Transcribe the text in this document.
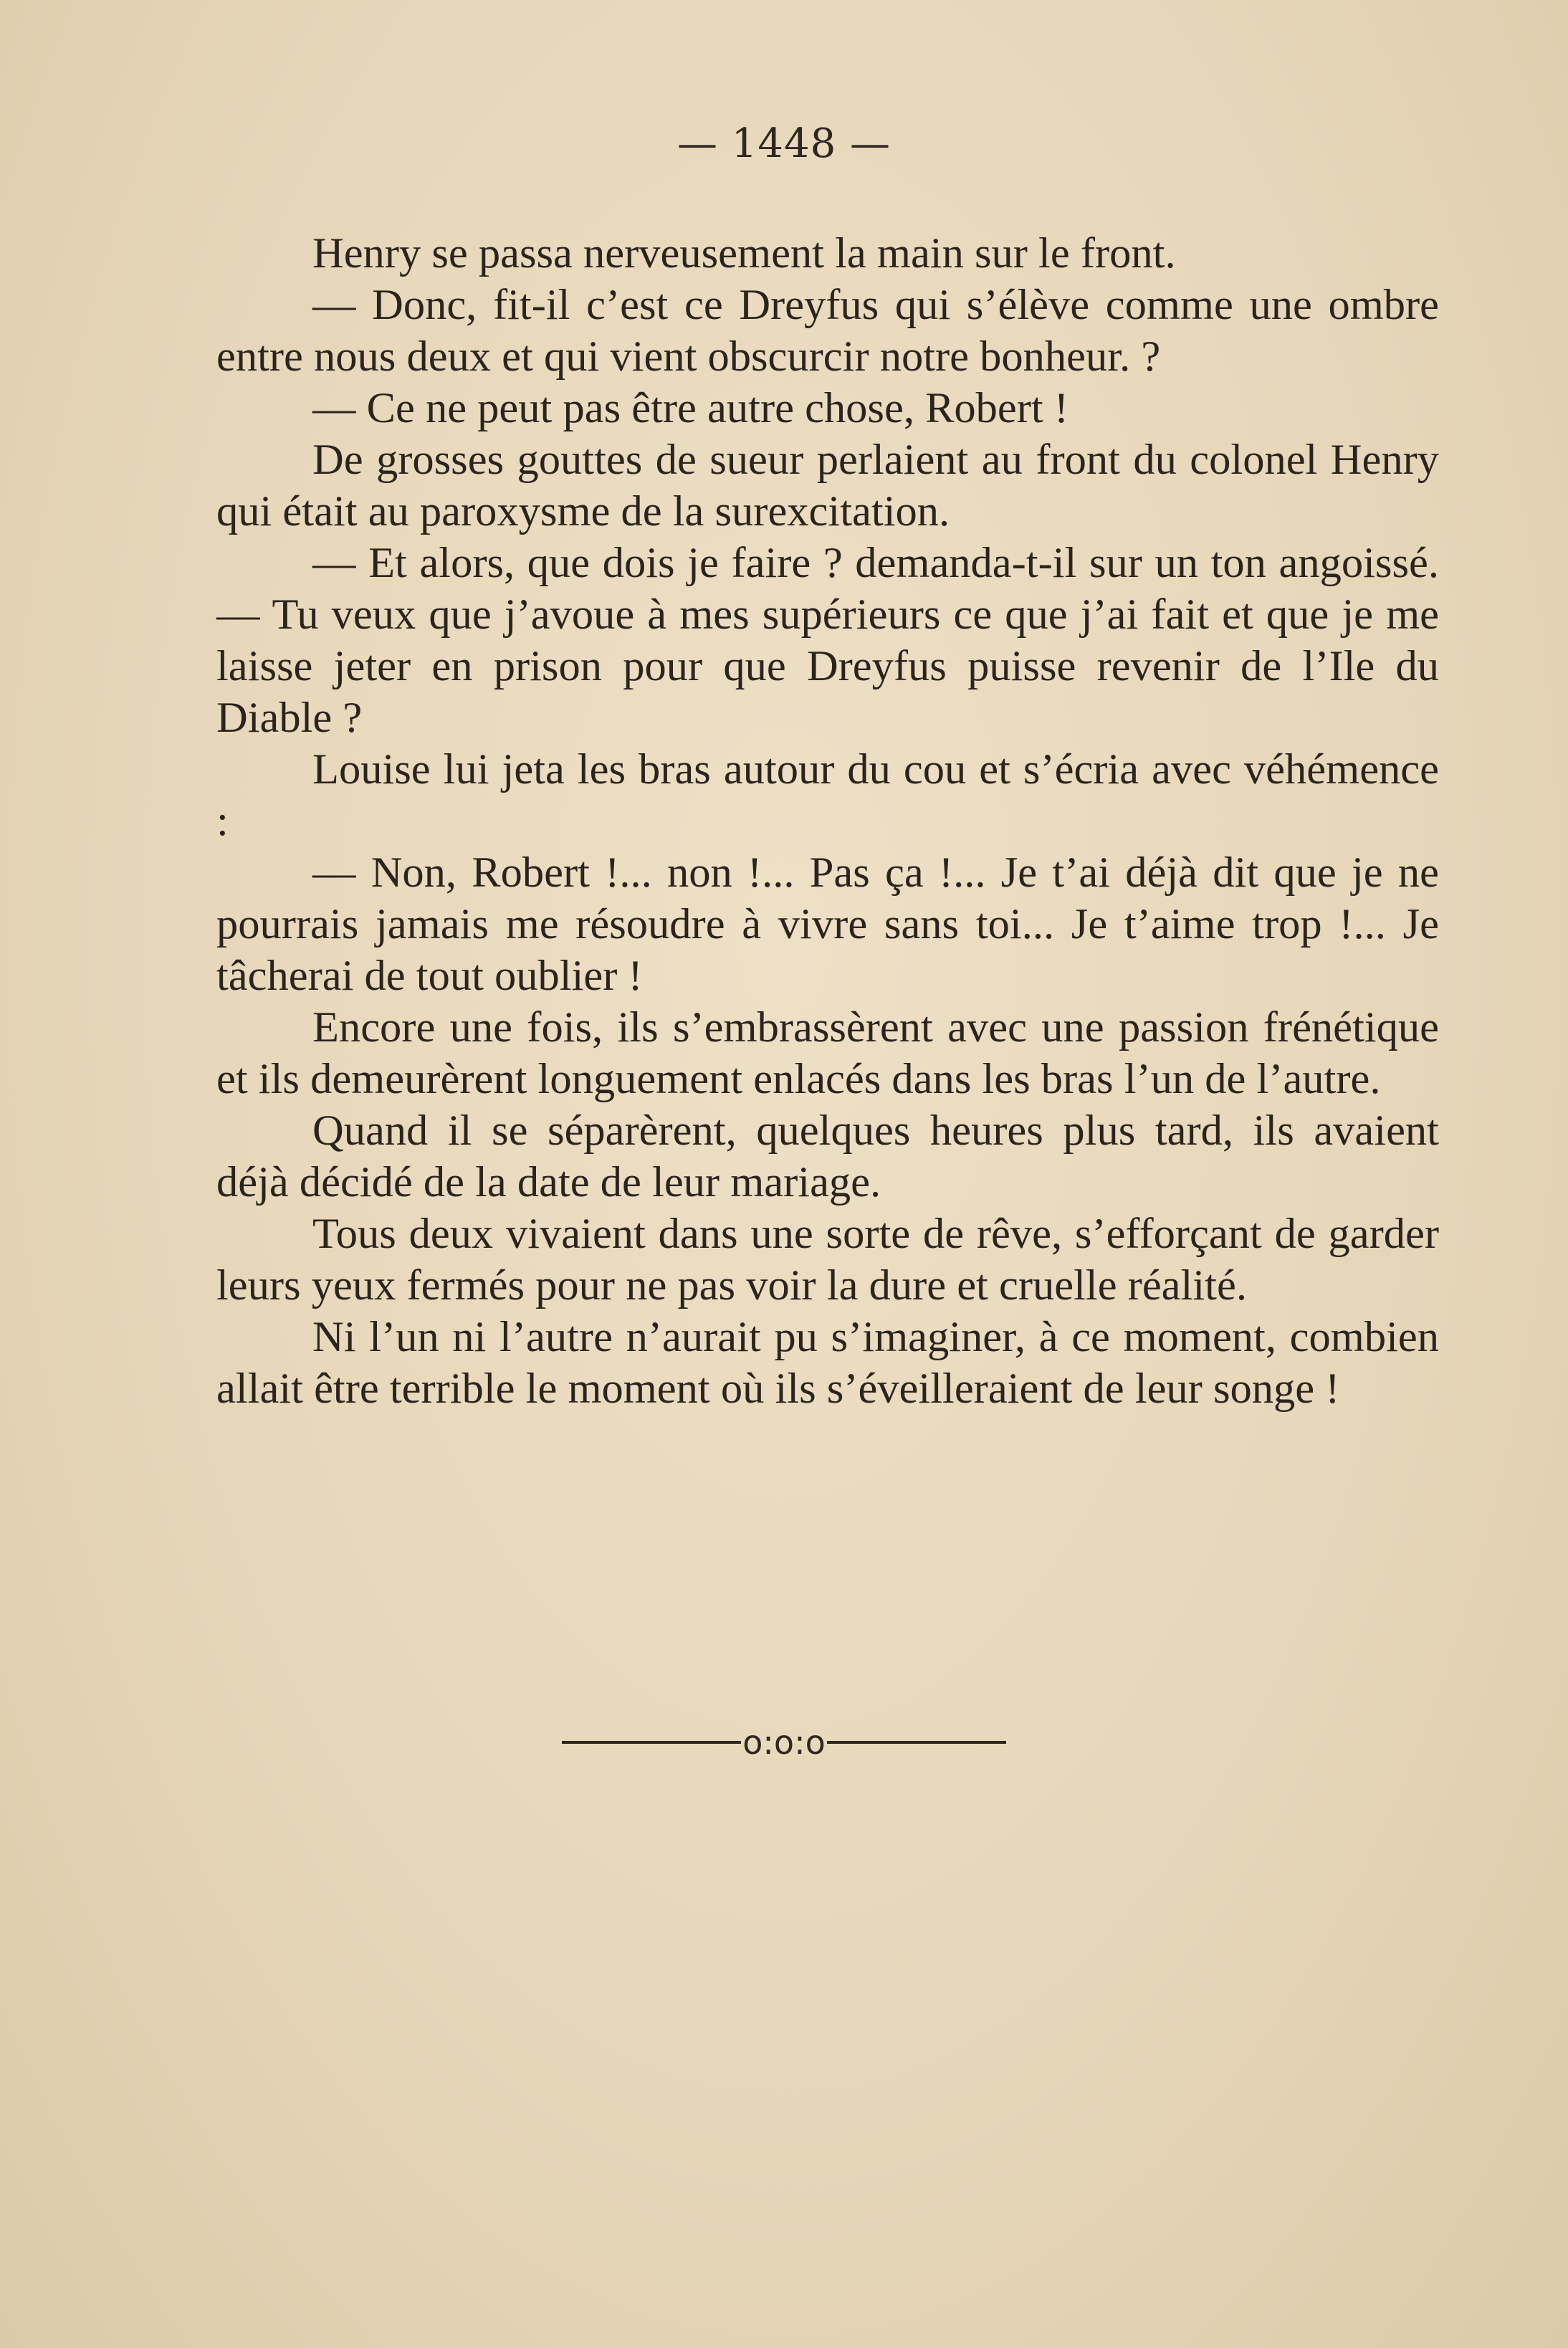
— 1448 —

Henry se passa nerveusement la main sur le front.

— Donc, fit-il c’est ce Dreyfus qui s’élève comme une ombre entre nous deux et qui vient obscurcir notre bonheur. ?

— Ce ne peut pas être autre chose, Robert !

De grosses gouttes de sueur perlaient au front du colonel Henry qui était au paroxysme de la surexcitation.

— Et alors, que dois je faire ? demanda-t-il sur un ton angoissé. — Tu veux que j’avoue à mes supérieurs ce que j’ai fait et que je me laisse jeter en prison pour que Dreyfus puisse revenir de l’Ile du Diable ?

Louise lui jeta les bras autour du cou et s’écria avec véhémence :

— Non, Robert !... non !... Pas ça !... Je t’ai déjà dit que je ne pourrais jamais me résoudre à vivre sans toi... Je t’aime trop !... Je tâcherai de tout oublier !

Encore une fois, ils s’embrassèrent avec une passion frénétique et ils demeurèrent longuement enlacés dans les bras l’un de l’autre.

Quand il se séparèrent, quelques heures plus tard, ils avaient déjà décidé de la date de leur mariage.

Tous deux vivaient dans une sorte de rêve, s’efforçant de garder leurs yeux fermés pour ne pas voir la dure et cruelle réalité.

Ni l’un ni l’autre n’aurait pu s’imaginer, à ce moment, combien allait être terrible le moment où ils s’éveilleraient de leur songe !

o:o:o
